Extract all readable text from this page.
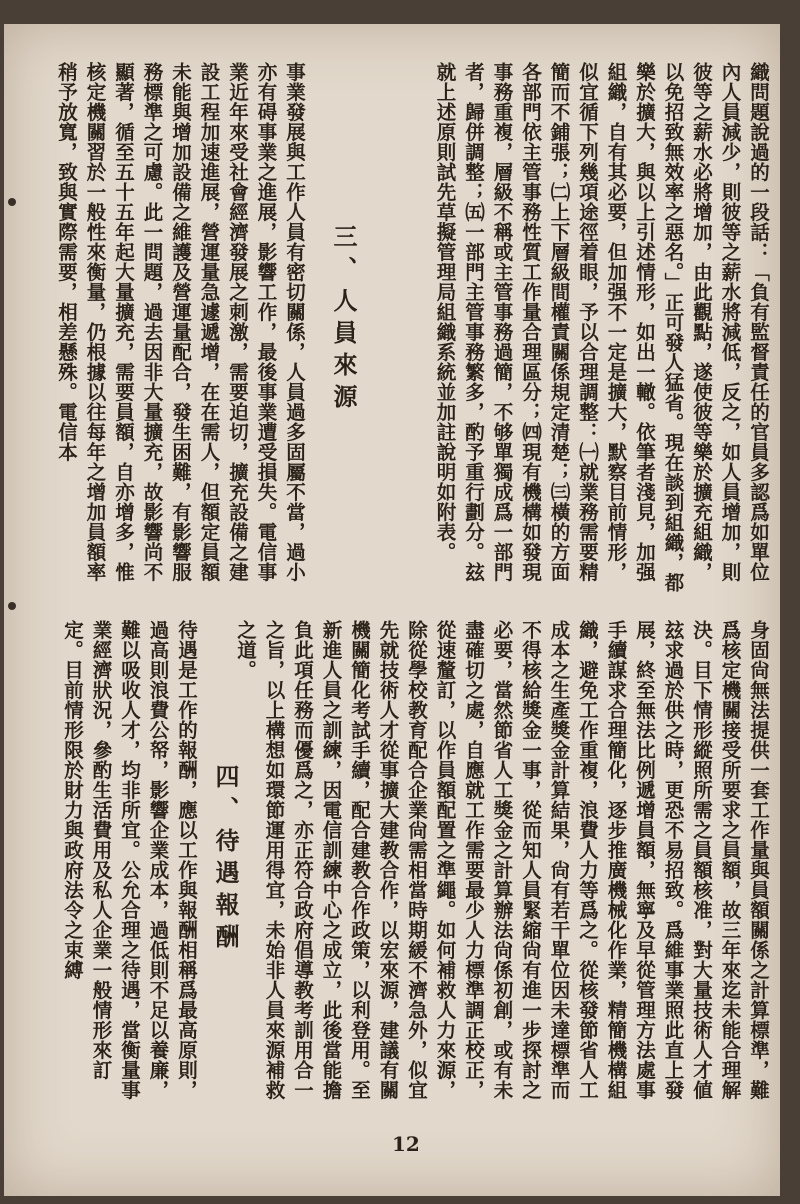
織問題說過的一段話：「負有監督責任的官員多認爲如單位內人員減少，則彼等之薪水將減低，反之，如人員增加，則彼等之薪水必將增加，由此觀點，遂使彼等樂於擴充組織，以免招致無效率之惡名。」正可發人猛省。現在談到組織，都樂於擴大，與以上引述情形，如出一轍。依筆者淺見，加强組織，自有其必要，但加强不一定是擴大，默察目前情形，似宜循下列幾項途徑着眼，予以合理調整：㈠就業務需要精簡而不鋪張；㈡上下層級間權責關係規定清楚；㈢橫的方面各部門依主管事務性質工作量合理區分；㈣現有機構如發現事務重複，層級不稱或主管事務過簡，不够單獨成爲一部門者，歸併調整；㈤一部門主管事務繁多，酌予重行劃分。玆就上述原則試先草擬管理局組織系統並加註說明如附表。
三、人員來源
事業發展與工作人員有密切關係，人員過多固屬不當，過小亦有碍事業之進展，影響工作，最後事業遭受損失。電信事業近年來受社會經濟發展之刺激，需要迫切，擴充設備之建設工程加速進展，營運量急遽遞增，在在需人，但額定員額未能與增加設備之維護及營運量配合，發生困難，有影響服務標準之可慮。此一問題，過去因非大量擴充，故影響尚不顯著，循至五十五年起大量擴充，需要員額，自亦增多，惟核定機關習於一般性來衡量，仍根據以往每年之增加員額率稍予放寬，致與實際需要，相差懸殊。電信本
身固尙無法提供一套工作量與員額關係之計算標準，難爲核定機關接受所要求之員額，故三年來迄未能合理解決。目下情形縱照所需之員額核准，對大量技術人才値玆求過於供之時，更恐不易招致。爲維事業照此直上發展，終至無法比例遞增員額，無寧及早從管理方法處事手續謀求合理簡化，逐步推廣機械化作業，精簡機構組織，避免工作重複，浪費人力等爲之。從核發節省人工成本之生產獎金計算結果，尙有若干單位因未達標準而不得核給獎金一事，從而知人員緊縮尙有進一步探討之必要，當然節省人工獎金之計算辦法尙係初創，或有未盡確切之處，自應就工作需要最少人力標準調正校正，從速釐訂，以作員額配置之準繩。如何補救人力來源，除從學校教育配合企業尙需相當時期緩不濟急外，似宜先就技術人才從事擴大建教合作，以宏來源，建議有關機關簡化考試手續，配合建教合作政策，以利登用。至新進人員之訓練，因電信訓練中心之成立，此後當能擔負此項任務而優爲之，亦正符合政府倡導教考訓用合一之旨，以上構想如環節運用得宜，未始非人員來源補救之道。
四、待遇報酬
待遇是工作的報酬，應以工作與報酬相稱爲最高原則，過高則浪費公帑，影響企業成本，過低則不足以養廉，難以吸收人才，均非所宜。公允合理之待遇，當衡量事業經濟狀況，參酌生活費用及私人企業一般情形來訂定。目前情形限於財力與政府法令之束縛
12
